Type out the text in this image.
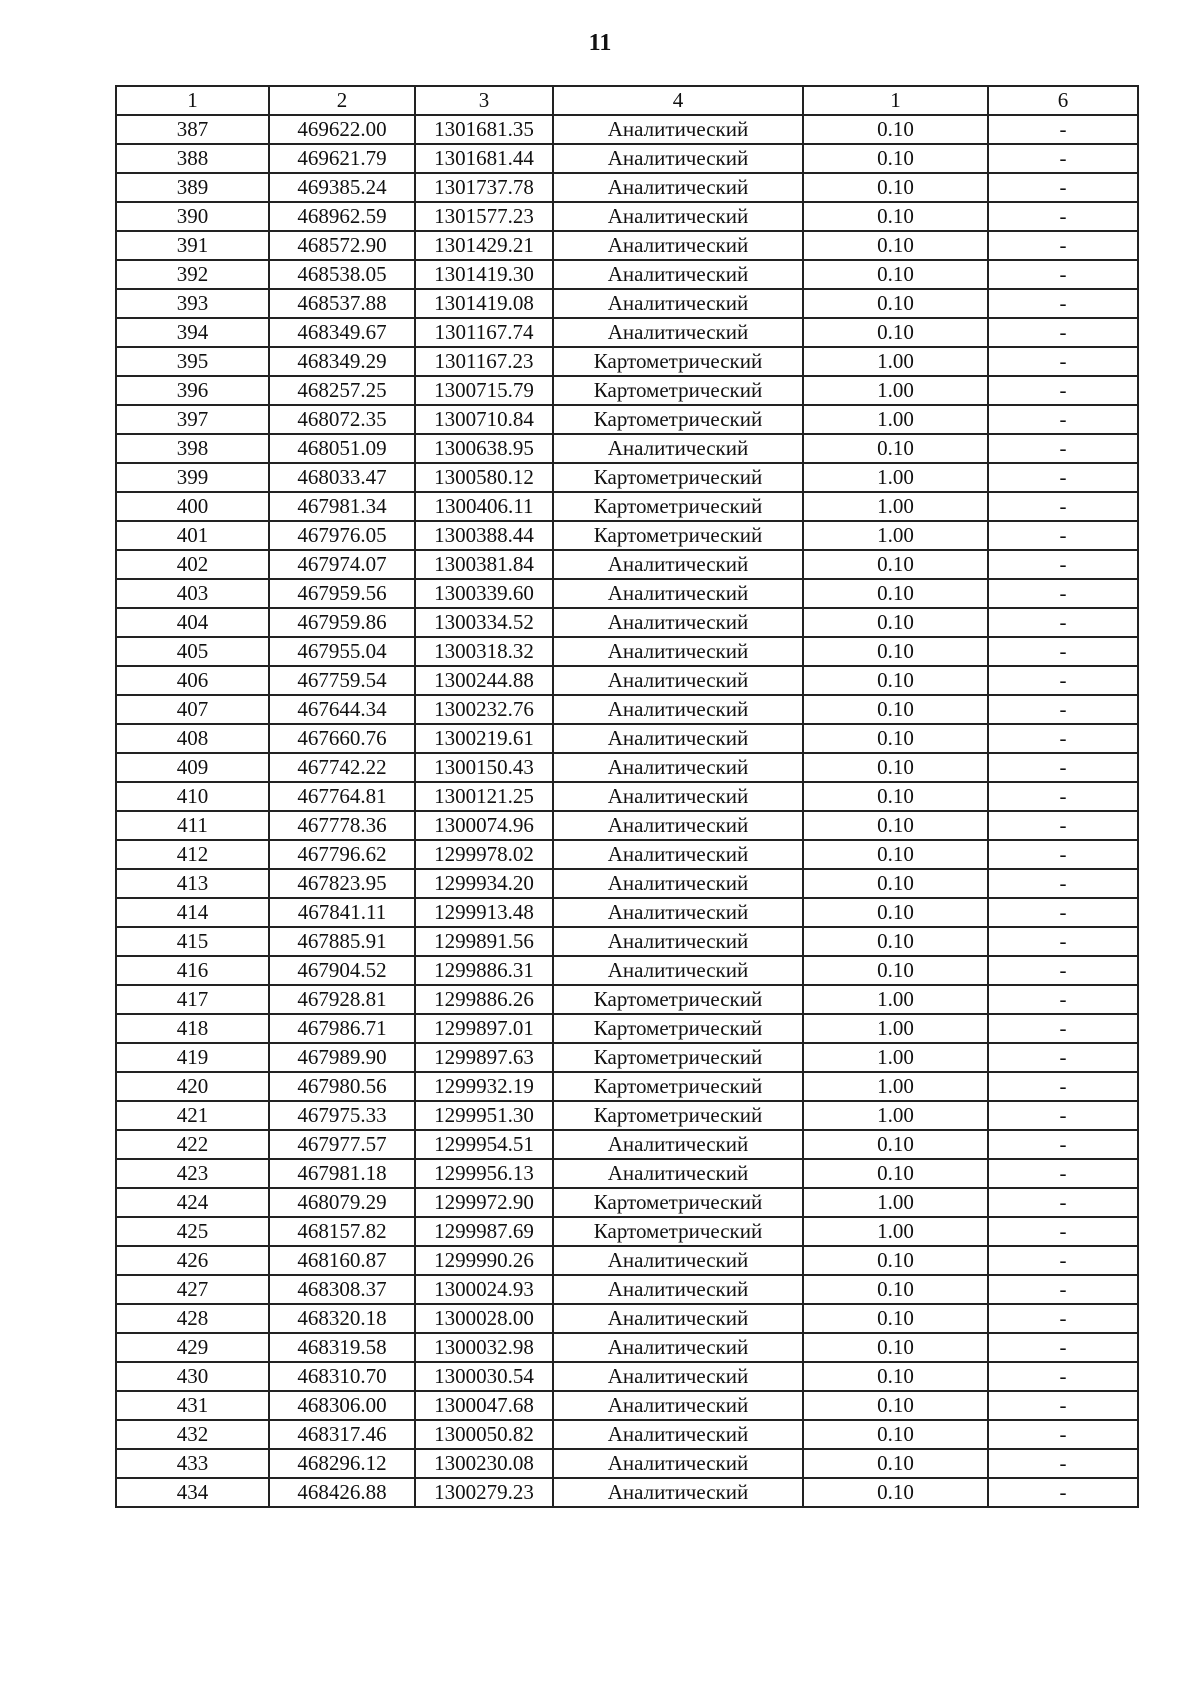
11
1	2	3	4	1	6
387	469622.00	1301681.35	Аналитический	0.10	-
388	469621.79	1301681.44	Аналитический	0.10	-
389	469385.24	1301737.78	Аналитический	0.10	-
390	468962.59	1301577.23	Аналитический	0.10	-
391	468572.90	1301429.21	Аналитический	0.10	-
392	468538.05	1301419.30	Аналитический	0.10	-
393	468537.88	1301419.08	Аналитический	0.10	-
394	468349.67	1301167.74	Аналитический	0.10	-
395	468349.29	1301167.23	Картометрический	1.00	-
396	468257.25	1300715.79	Картометрический	1.00	-
397	468072.35	1300710.84	Картометрический	1.00	-
398	468051.09	1300638.95	Аналитический	0.10	-
399	468033.47	1300580.12	Картометрический	1.00	-
400	467981.34	1300406.11	Картометрический	1.00	-
401	467976.05	1300388.44	Картометрический	1.00	-
402	467974.07	1300381.84	Аналитический	0.10	-
403	467959.56	1300339.60	Аналитический	0.10	-
404	467959.86	1300334.52	Аналитический	0.10	-
405	467955.04	1300318.32	Аналитический	0.10	-
406	467759.54	1300244.88	Аналитический	0.10	-
407	467644.34	1300232.76	Аналитический	0.10	-
408	467660.76	1300219.61	Аналитический	0.10	-
409	467742.22	1300150.43	Аналитический	0.10	-
410	467764.81	1300121.25	Аналитический	0.10	-
411	467778.36	1300074.96	Аналитический	0.10	-
412	467796.62	1299978.02	Аналитический	0.10	-
413	467823.95	1299934.20	Аналитический	0.10	-
414	467841.11	1299913.48	Аналитический	0.10	-
415	467885.91	1299891.56	Аналитический	0.10	-
416	467904.52	1299886.31	Аналитический	0.10	-
417	467928.81	1299886.26	Картометрический	1.00	-
418	467986.71	1299897.01	Картометрический	1.00	-
419	467989.90	1299897.63	Картометрический	1.00	-
420	467980.56	1299932.19	Картометрический	1.00	-
421	467975.33	1299951.30	Картометрический	1.00	-
422	467977.57	1299954.51	Аналитический	0.10	-
423	467981.18	1299956.13	Аналитический	0.10	-
424	468079.29	1299972.90	Картометрический	1.00	-
425	468157.82	1299987.69	Картометрический	1.00	-
426	468160.87	1299990.26	Аналитический	0.10	-
427	468308.37	1300024.93	Аналитический	0.10	-
428	468320.18	1300028.00	Аналитический	0.10	-
429	468319.58	1300032.98	Аналитический	0.10	-
430	468310.70	1300030.54	Аналитический	0.10	-
431	468306.00	1300047.68	Аналитический	0.10	-
432	468317.46	1300050.82	Аналитический	0.10	-
433	468296.12	1300230.08	Аналитический	0.10	-
434	468426.88	1300279.23	Аналитический	0.10	-
